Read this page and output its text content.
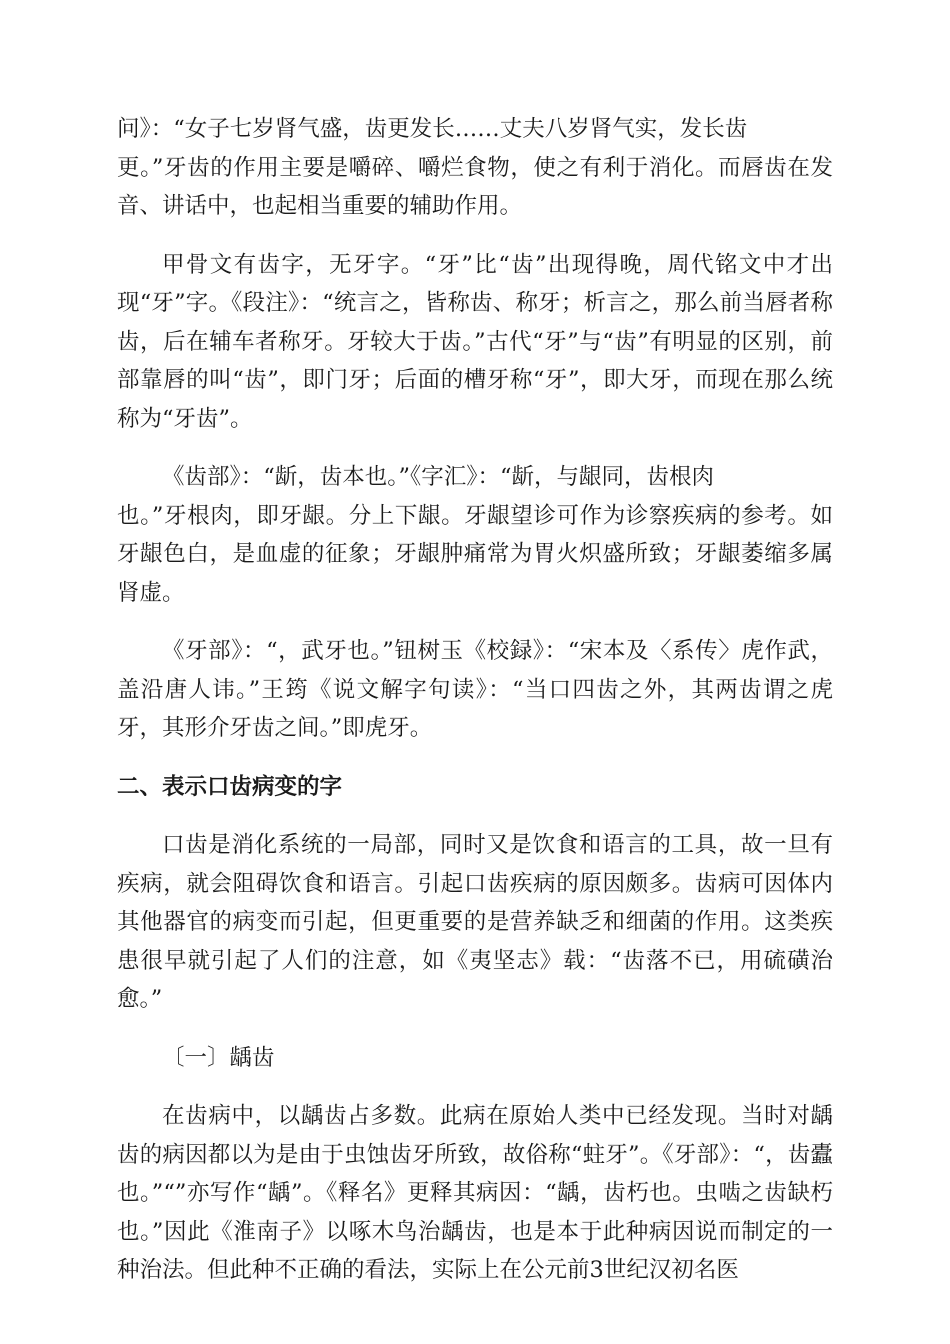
问》：“女子七岁肾气盛，齿更发长……丈夫八岁肾气实，发长齿
更。”牙齿的作用主要是嚼碎、嚼烂食物，使之有利于消化。而唇齿在发音、讲话中，也起相当重要的辅助作用。

甲骨文有齿字，无牙字。“牙”比“齿”出现得晚，周代铭文中才出现“牙”字。《段注》：“统言之，皆称齿、称牙；析言之，那么前当唇者称齿，后在辅车者称牙。牙较大于齿。”古代“牙”与“齿”有明显的区别，前部靠唇的叫“齿”，即门牙；后面的槽牙称“牙”，即大牙，而现在那么统称为“牙齿”。

《齿部》：“龂，齿本也。”《字汇》：“龂，与龈同，齿根肉
也。”牙根肉，即牙龈。分上下龈。牙龈望诊可作为诊察疾病的参考。如牙龈色白，是血虚的征象；牙龈肿痛常为胃火炽盛所致；牙龈萎缩多属肾虚。

《牙部》：“，武牙也。”钮树玉《校録》：“宋本及〈系传〉虎作武，盖沿唐人讳。”王筠《说文解字句读》：“当口四齿之外，其两齿谓之虎牙，其形介牙齿之间。”即虎牙。

二、表示口齿病变的字

口齿是消化系统的一局部，同时又是饮食和语言的工具，故一旦有疾病，就会阻碍饮食和语言。引起口齿疾病的原因颇多。齿病可因体内其他器官的病变而引起，但更重要的是营养缺乏和细菌的作用。这类疾患很早就引起了人们的注意，如《夷坚志》载：“齿落不已，用硫磺治愈。”

〔一〕龋齿

在齿病中，以龋齿占多数。此病在原始人类中已经发现。当时对龋齿的病因都以为是由于虫蚀齿牙所致，故俗称“蛀牙”。《牙部》：“，齿蠹也。”“”亦写作“龋”。《释名》更释其病因：“龋，齿朽也。虫啮之齿缺朽也。”因此《淮南子》以啄木鸟治龋齿，也是本于此种病因说而制定的一种治法。但此种不正确的看法，实际上在公元前3世纪汉初名医
